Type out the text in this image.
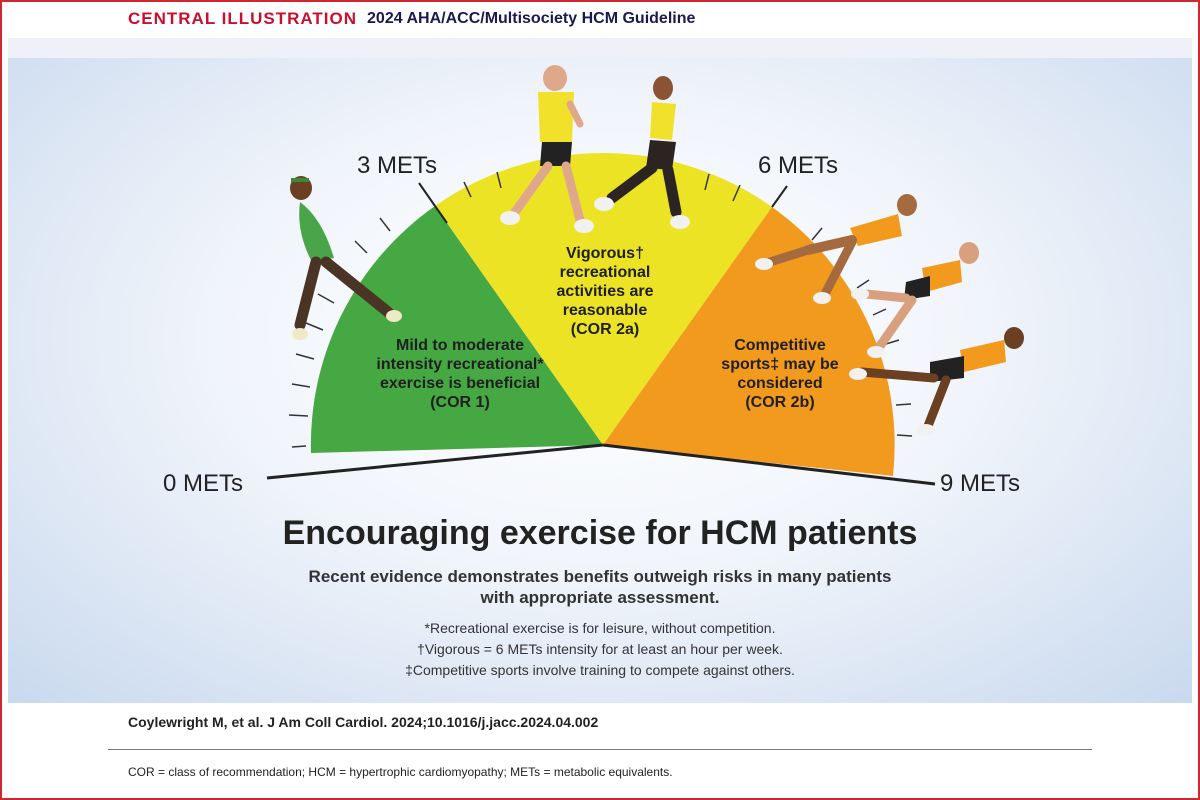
CENTRAL ILLUSTRATION 2024 AHA/ACC/Multisociety HCM Guideline
0 METs
3 METs	6 METs
9 METs
Mild to moderate
intensity recreational*
exercise is beneficial
(COR 1)
Vigorous†
recreational
activities are
reasonable
(COR 2a)
Competitive
sports‡ may be
considered
(COR 2b)
Encouraging exercise for HCM patients
Recent evidence demonstrates benefits outweigh risks in many patients with appropriate assessment.
*Recreational exercise is for leisure, without competition.
†Vigorous = 6 METs intensity for at least an hour per week.
‡Competitive sports involve training to compete against others.
Coylewright M, et al. J Am Coll Cardiol. 2024;10.1016/j.jacc.2024.04.002
COR = class of recommendation; HCM = hypertrophic cardiomyopathy; METs = metabolic equivalents.
